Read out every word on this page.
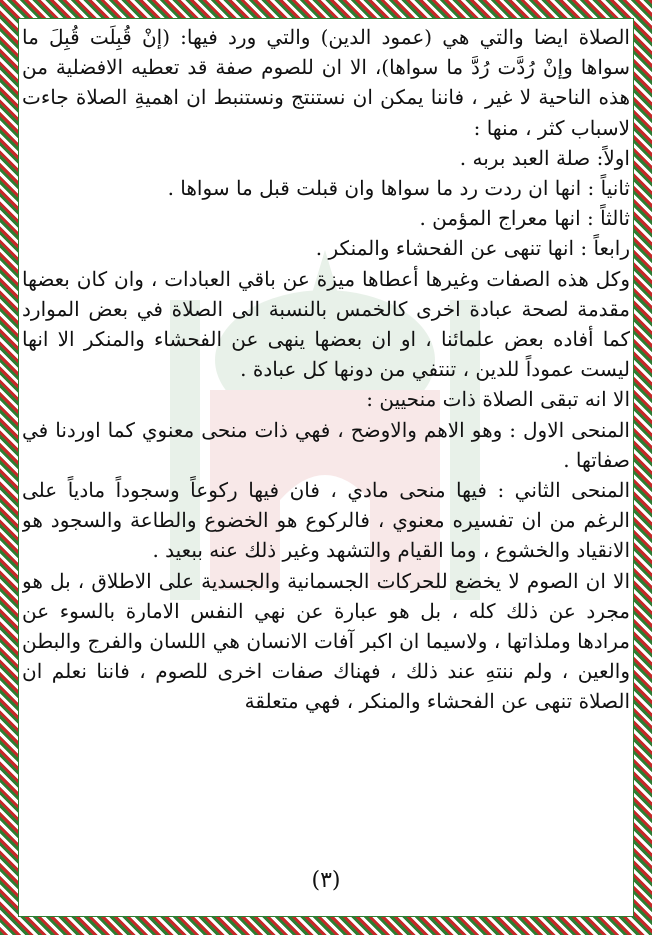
الصلاة ايضا والتي هي (عمود الدين) والتي ورد فيها: (إنْ قُبِلَت قُبِلَ ما سواها وإنْ رُدَّت رُدَّ ما سواها)، الا ان للصوم صفة قد تعطيه الافضلية من هذه الناحية لا غير ، فاننا يمكن ان نستنتج ونستنبط ان اهميةِ الصلاة جاءت لاسباب كثر ، منها :

اولاً: صلة العبد بربه .

ثانياً : انها ان ردت رد ما سواها وان قبلت قبل ما سواها .

ثالثاً : انها معراج المؤمن .

رابعاً : انها تنهى عن الفحشاء والمنكر .

وكل هذه الصفات وغيرها أعطاها ميزة عن باقي العبادات ، وان كان بعضها مقدمة لصحة عبادة اخرى كالخمس بالنسبة الى الصلاة في بعض الموارد كما أفاده بعض علمائنا ، او ان بعضها ينهى عن الفحشاء والمنكر الا انها ليست عموداً للدين ، تنتفي من دونها كل عبادة .

الا انه تبقى الصلاة ذات منحيين :

المنحى الاول : وهو الاهم والاوضح ، فهي ذات منحى معنوي كما اوردنا في صفاتها .

المنحى الثاني : فيها منحى مادي ، فان فيها ركوعاً وسجوداً مادياً على الرغم من ان تفسيره معنوي ، فالركوع هو الخضوع والطاعة والسجود هو الانقياد والخشوع ، وما القيام والتشهد وغير ذلك عنه ببعيد .

الا ان الصوم لا يخضع للحركات الجسمانية والجسدية على الاطلاق ، بل هو مجرد عن ذلك كله ، بل هو عبارة عن نهي النفس الامارة بالسوء عن مرادها وملذاتها ، ولاسيما ان اكبر آفات الانسان هي اللسان والفرج والبطن والعين ، ولم ننتهِ عند ذلك ، فهناك صفات اخرى للصوم ، فاننا نعلم ان الصلاة تنهى عن الفحشاء والمنكر ، فهي متعلقة

(٣)
